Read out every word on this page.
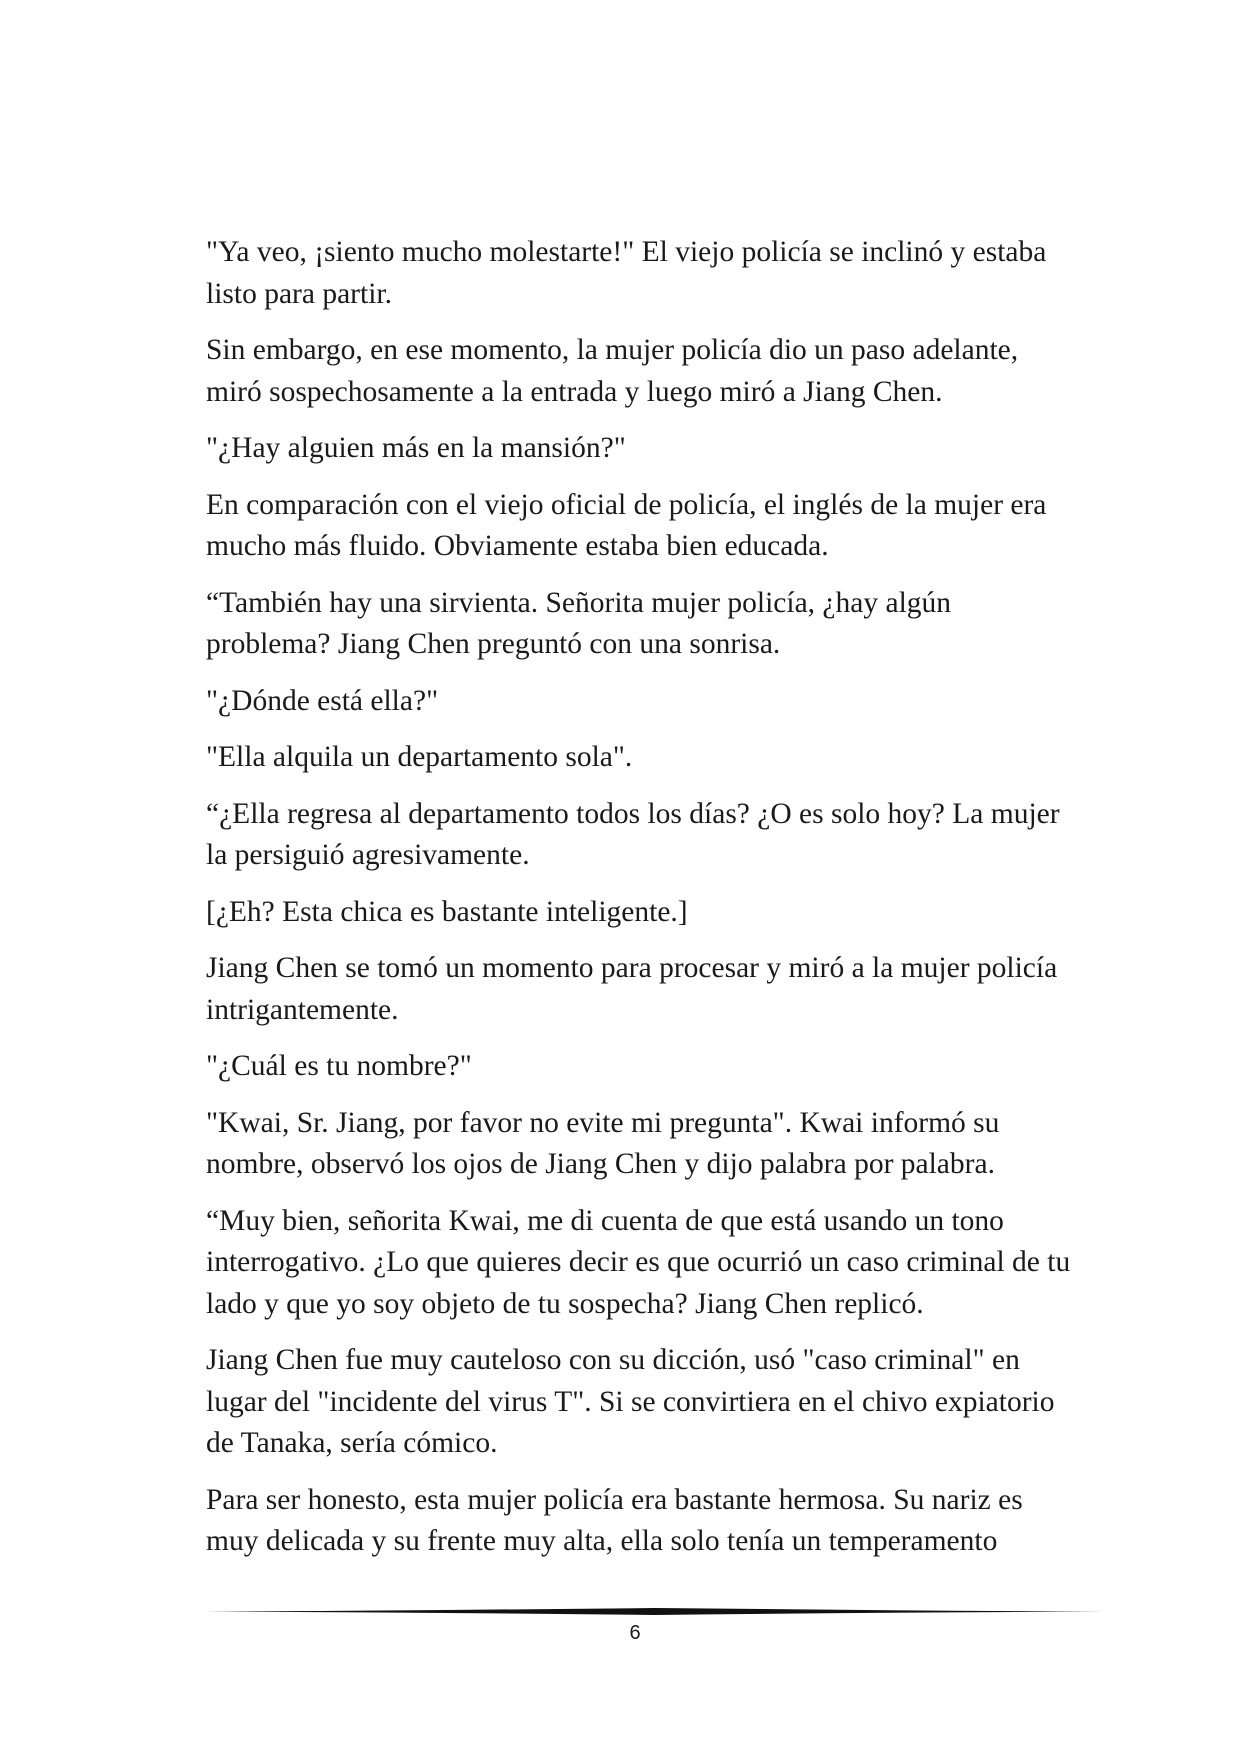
"Ya veo, ¡siento mucho molestarte!" El viejo policía se inclinó y estaba listo para partir.

Sin embargo, en ese momento, la mujer policía dio un paso adelante, miró sospechosamente a la entrada y luego miró a Jiang Chen.

"¿Hay alguien más en la mansión?"

En comparación con el viejo oficial de policía, el inglés de la mujer era mucho más fluido. Obviamente estaba bien educada.

“También hay una sirvienta. Señorita mujer policía, ¿hay algún problema? Jiang Chen preguntó con una sonrisa.

"¿Dónde está ella?"

"Ella alquila un departamento sola".

“¿Ella regresa al departamento todos los días? ¿O es solo hoy? La mujer la persiguió agresivamente.

[¿Eh? Esta chica es bastante inteligente.]

Jiang Chen se tomó un momento para procesar y miró a la mujer policía intrigantemente.

"¿Cuál es tu nombre?"

"Kwai, Sr. Jiang, por favor no evite mi pregunta". Kwai informó su nombre, observó los ojos de Jiang Chen y dijo palabra por palabra.

“Muy bien, señorita Kwai, me di cuenta de que está usando un tono interrogativo. ¿Lo que quieres decir es que ocurrió un caso criminal de tu lado y que yo soy objeto de tu sospecha? Jiang Chen replicó.

Jiang Chen fue muy cauteloso con su dicción, usó "caso criminal" en lugar del "incidente del virus T". Si se convirtiera en el chivo expiatorio de Tanaka, sería cómico.

Para ser honesto, esta mujer policía era bastante hermosa. Su nariz es muy delicada y su frente muy alta, ella solo tenía un temperamento

6
